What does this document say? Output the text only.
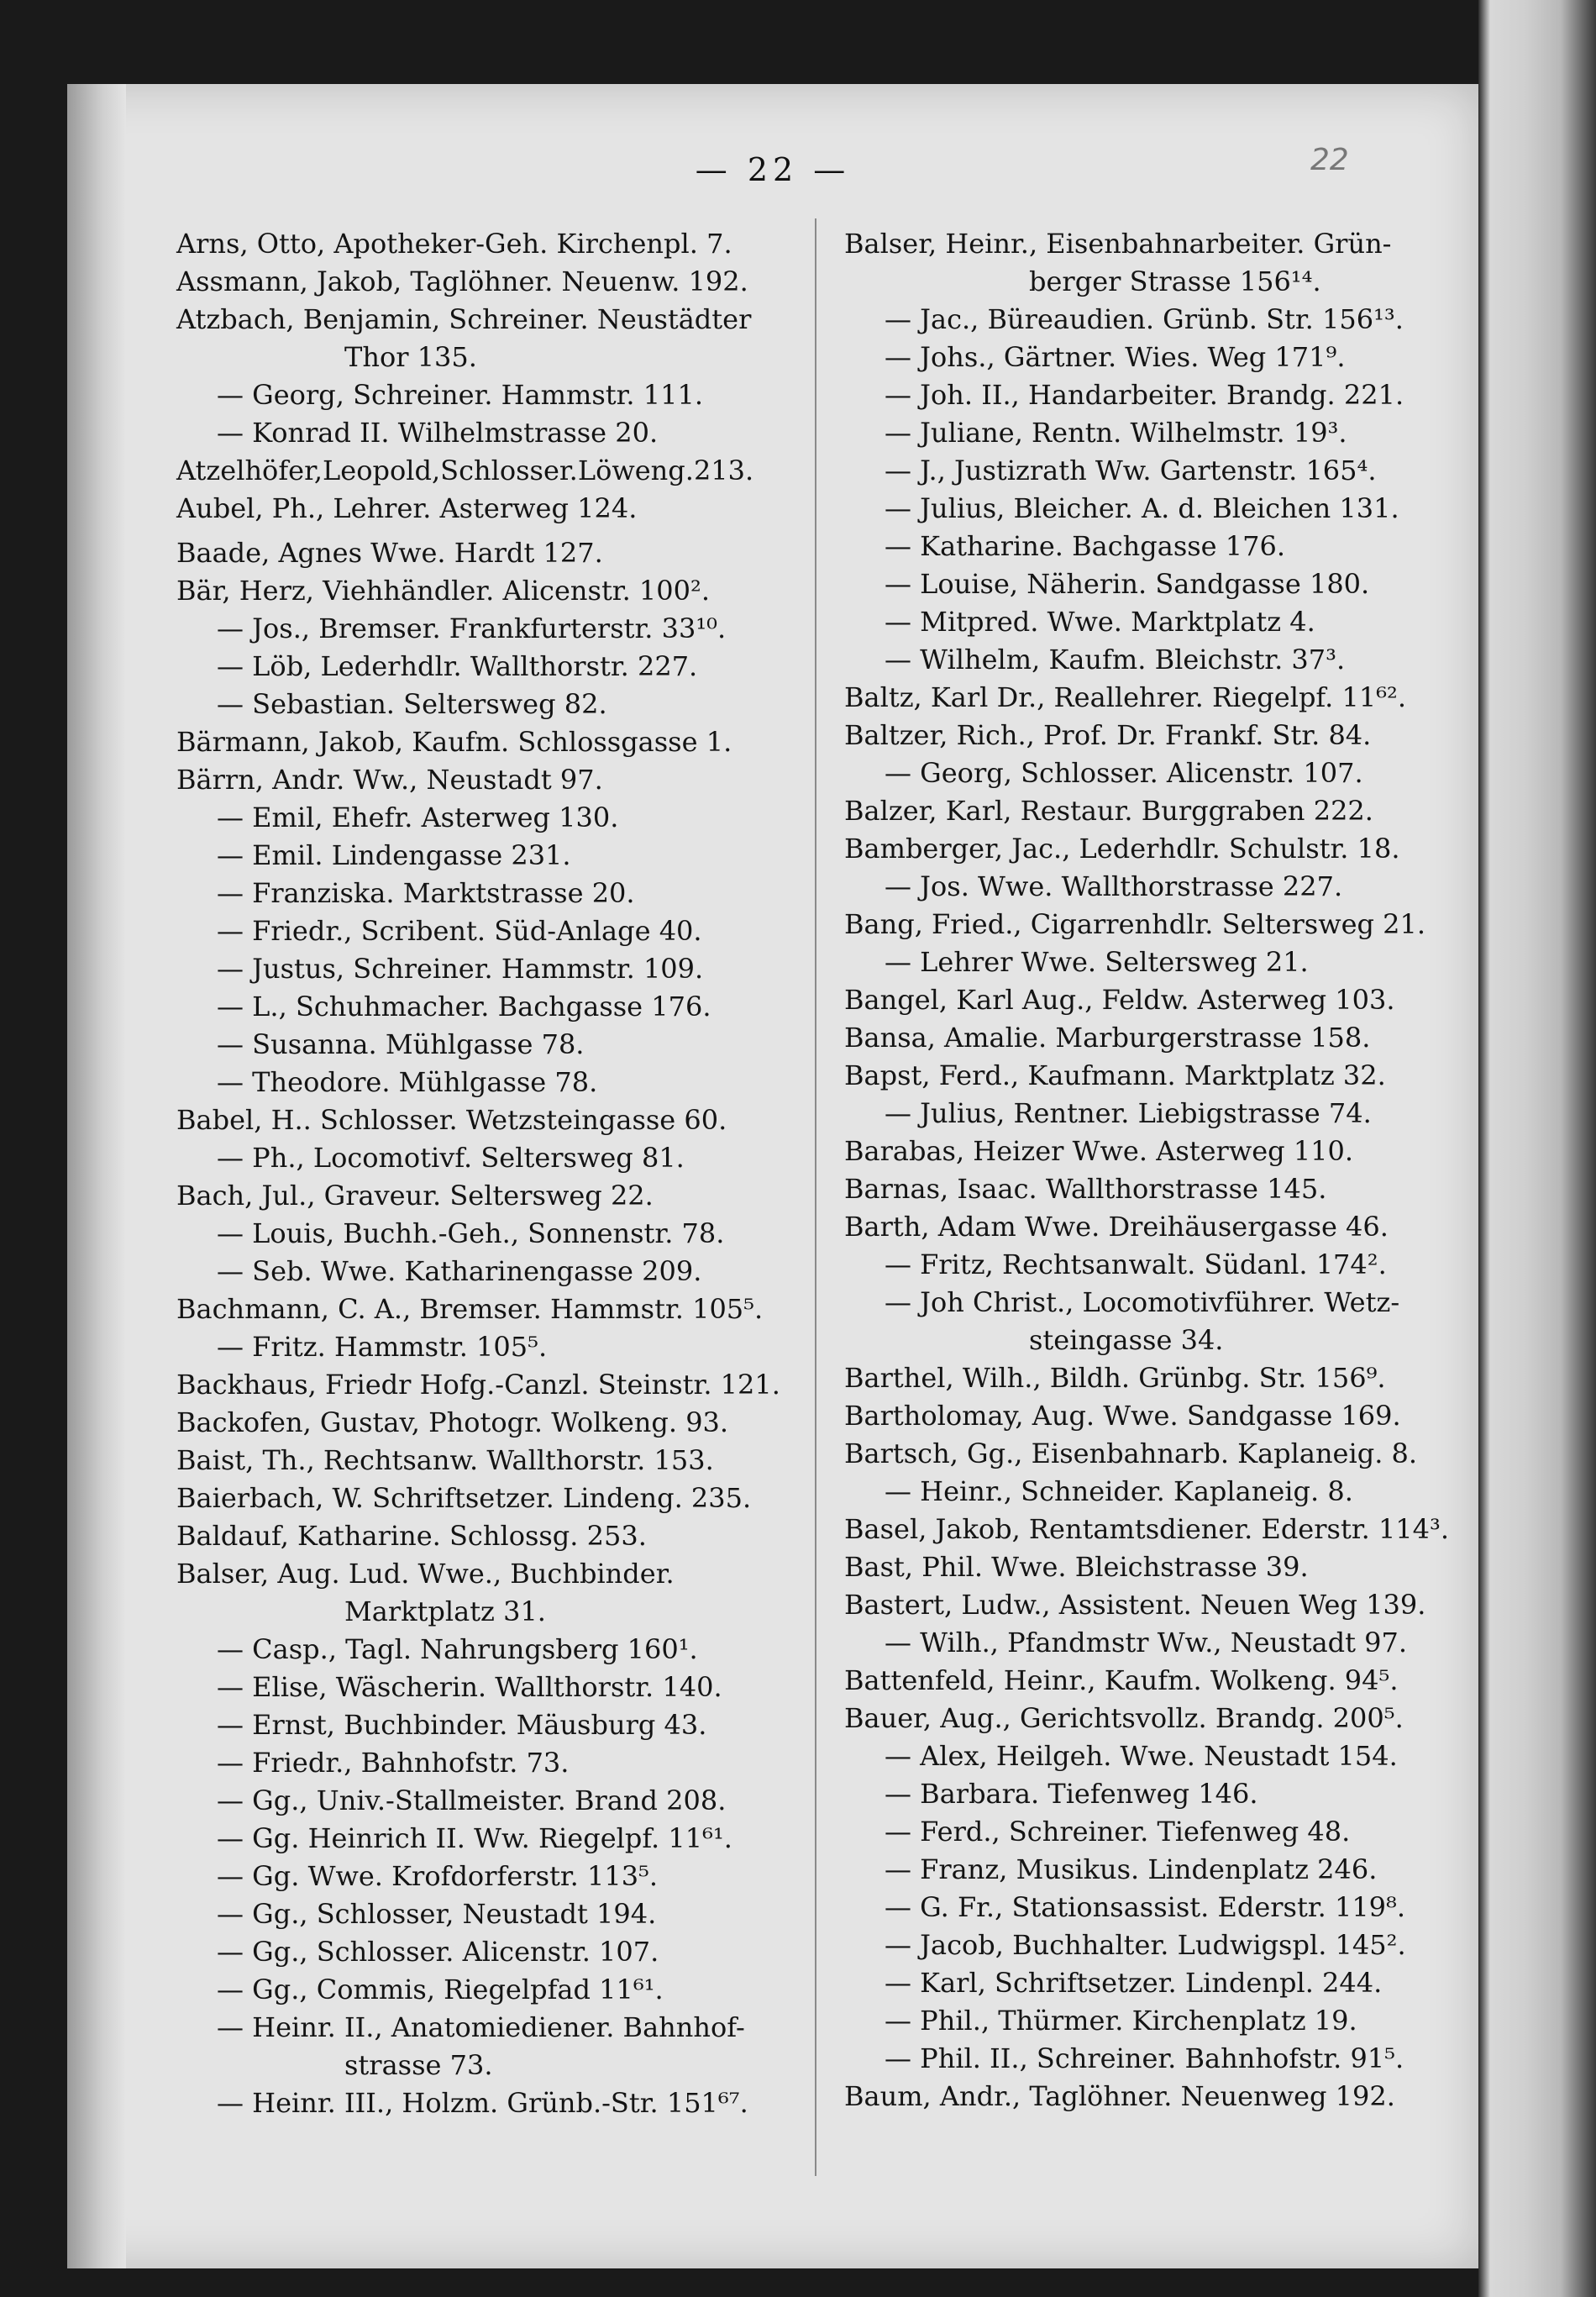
— 22 —	22
Arns, Otto, Apotheker-Geh. Kirchenpl. 7.
Assmann, Jakob, Taglöhner. Neuenw. 192.
Atzbach, Benjamin, Schreiner. Neustädter
Thor 135.
— Georg, Schreiner. Hammstr. 111.
— Konrad II. Wilhelmstrasse 20.
Atzelhöfer,Leopold,Schlosser.Löweng.213.
Aubel, Ph., Lehrer. Asterweg 124.
Baade, Agnes Wwe. Hardt 127.
Bär, Herz, Viehhändler. Alicenstr. 100².
— Jos., Bremser. Frankfurterstr. 33¹⁰.
— Löb, Lederhdlr. Wallthorstr. 227.
— Sebastian. Seltersweg 82.
Bärmann, Jakob, Kaufm. Schlossgasse 1.
Bärrn, Andr. Ww., Neustadt 97.
— Emil, Ehefr. Asterweg 130.
— Emil. Lindengasse 231.
— Franziska. Marktstrasse 20.
— Friedr., Scribent. Süd-Anlage 40.
— Justus, Schreiner. Hammstr. 109.
— L., Schuhmacher. Bachgasse 176.
— Susanna. Mühlgasse 78.
— Theodore. Mühlgasse 78.
Babel, H.. Schlosser. Wetzsteingasse 60.
— Ph., Locomotivf. Seltersweg 81.
Bach, Jul., Graveur. Seltersweg 22.
— Louis, Buchh.-Geh., Sonnenstr. 78.
— Seb. Wwe. Katharinengasse 209.
Bachmann, C. A., Bremser. Hammstr. 105⁵.
— Fritz. Hammstr. 105⁵.
Backhaus, Friedr Hofg.-Canzl. Steinstr. 121.
Backofen, Gustav, Photogr. Wolkeng. 93.
Baist, Th., Rechtsanw. Wallthorstr. 153.
Baierbach, W. Schriftsetzer. Lindeng. 235.
Baldauf, Katharine. Schlossg. 253.
Balser, Aug. Lud. Wwe., Buchbinder.
Marktplatz 31.
— Casp., Tagl. Nahrungsberg 160¹.
— Elise, Wäscherin. Wallthorstr. 140.
— Ernst, Buchbinder. Mäusburg 43.
— Friedr., Bahnhofstr. 73.
— Gg., Univ.-Stallmeister. Brand 208.
— Gg. Heinrich II. Ww. Riegelpf. 11⁶¹.
— Gg. Wwe. Krofdorferstr. 113⁵.
— Gg., Schlosser, Neustadt 194.
— Gg., Schlosser. Alicenstr. 107.
— Gg., Commis, Riegelpfad 11⁶¹.
— Heinr. II., Anatomiediener. Bahnhof-
strasse 73.
— Heinr. III., Holzm. Grünb.-Str. 151⁶⁷.
Balser, Heinr., Eisenbahnarbeiter. Grün-
berger Strasse 156¹⁴.
— Jac., Büreaudien. Grünb. Str. 156¹³.
— Johs., Gärtner. Wies. Weg 171⁹.
— Joh. II., Handarbeiter. Brandg. 221.
— Juliane, Rentn. Wilhelmstr. 19³.
— J., Justizrath Ww. Gartenstr. 165⁴.
— Julius, Bleicher. A. d. Bleichen 131.
— Katharine. Bachgasse 176.
— Louise, Näherin. Sandgasse 180.
— Mitpred. Wwe. Marktplatz 4.
— Wilhelm, Kaufm. Bleichstr. 37³.
Baltz, Karl Dr., Reallehrer. Riegelpf. 11⁶².
Baltzer, Rich., Prof. Dr. Frankf. Str. 84.
— Georg, Schlosser. Alicenstr. 107.
Balzer, Karl, Restaur. Burggraben 222.
Bamberger, Jac., Lederhdlr. Schulstr. 18.
— Jos. Wwe. Wallthorstrasse 227.
Bang, Fried., Cigarrenhdlr. Seltersweg 21.
— Lehrer Wwe. Seltersweg 21.
Bangel, Karl Aug., Feldw. Asterweg 103.
Bansa, Amalie. Marburgerstrasse 158.
Bapst, Ferd., Kaufmann. Marktplatz 32.
— Julius, Rentner. Liebigstrasse 74.
Barabas, Heizer Wwe. Asterweg 110.
Barnas, Isaac. Wallthorstrasse 145.
Barth, Adam Wwe. Dreihäusergasse 46.
— Fritz, Rechtsanwalt. Südanl. 174².
— Joh Christ., Locomotivführer. Wetz-
steingasse 34.
Barthel, Wilh., Bildh. Grünbg. Str. 156⁹.
Bartholomay, Aug. Wwe. Sandgasse 169.
Bartsch, Gg., Eisenbahnarb. Kaplaneig. 8.
— Heinr., Schneider. Kaplaneig. 8.
Basel, Jakob, Rentamtsdiener. Ederstr. 114³.
Bast, Phil. Wwe. Bleichstrasse 39.
Bastert, Ludw., Assistent. Neuen Weg 139.
— Wilh., Pfandmstr Ww., Neustadt 97.
Battenfeld, Heinr., Kaufm. Wolkeng. 94⁵.
Bauer, Aug., Gerichtsvollz. Brandg. 200⁵.
— Alex, Heilgeh. Wwe. Neustadt 154.
— Barbara. Tiefenweg 146.
— Ferd., Schreiner. Tiefenweg 48.
— Franz, Musikus. Lindenplatz 246.
— G. Fr., Stationsassist. Ederstr. 119⁸.
— Jacob, Buchhalter. Ludwigspl. 145².
— Karl, Schriftsetzer. Lindenpl. 244.
— Phil., Thürmer. Kirchenplatz 19.
— Phil. II., Schreiner. Bahnhofstr. 91⁵.
Baum, Andr., Taglöhner. Neuenweg 192.
